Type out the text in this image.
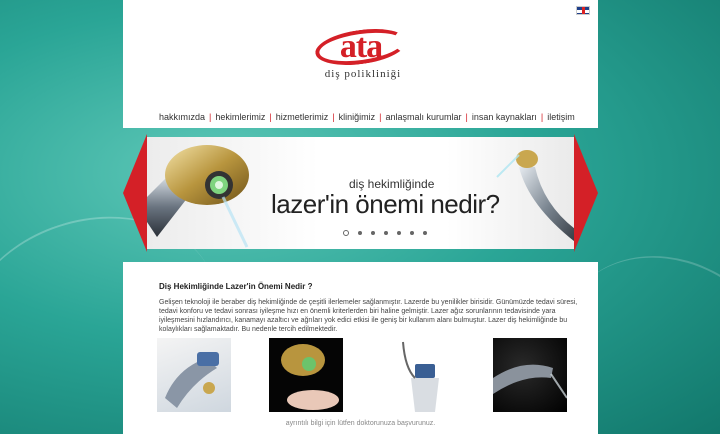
ata
diş polikliniği
hakkımızda | hekimlerimiz | hizmetlerimiz | kliniğimiz | anlaşmalı kurumlar | insan kaynakları | iletişim
diş hekimliğinde
lazer'in önemi nedir?
Diş Hekimliğinde Lazer'in Önemi Nedir ?
Gelişen teknoloji ile beraber diş hekimliğinde de çeşitli ilerlemeler sağlanmıştır. Lazerde bu yenilikler birisidir. Günümüzde tedavi süresi, tedavi konforu ve tedavi sonrası iyileşme hızı en önemli kriterlerden biri haline gelmiştir. Lazer ağız sorunlarının tedavisinde yara iyileşmesini hızlandırıcı, kanamayı azaltıcı ve ağrıları yok edici etkisi ile geniş bir kullanım alanı bulmuştur. Lazer diş hekimliğinde bu kolaylıkları sağlamaktadır. Bu nedenle tercih edilmektedir.
ayrıntılı bilgi için lütfen doktorunuza başvurunuz.
